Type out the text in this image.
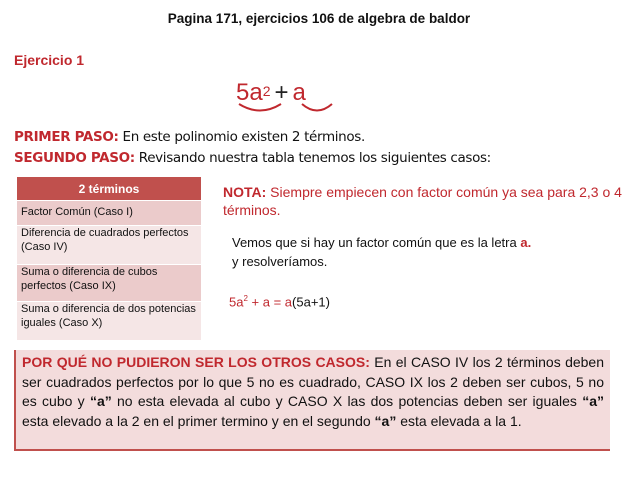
Pagina 171, ejercicios 106 de algebra de baldor
Ejercicio 1
$5a^2 + a$
PRIMER PASO: En este polinomio existen 2 términos.
SEGUNDO PASO: Revisando nuestra tabla tenemos los siguientes casos:
2 términos
Factor Común (Caso I)
Diferencia de cuadrados perfectos (Caso IV)
Suma o diferencia de cubos perfectos (Caso IX)
Suma o diferencia de dos potencias iguales (Caso X)
NOTA: Siempre empiecen con factor común ya sea para 2,3 o 4 términos.
Vemos que si hay un factor común que es la letra a.
y resolveríamos.
$5a^2 + a = a(5a+1)$
POR QUÉ NO PUDIERON SER LOS OTROS CASOS: En el CASO IV los 2 términos deben ser cuadrados perfectos por lo que 5 no es cuadrado, CASO IX los 2 deben ser cubos, 5 no es cubo y “a” no esta elevada al cubo y CASO X las dos potencias deben ser iguales “a” esta elevado a la 2 en el primer termino y en el segundo “a” esta elevada a la 1.
